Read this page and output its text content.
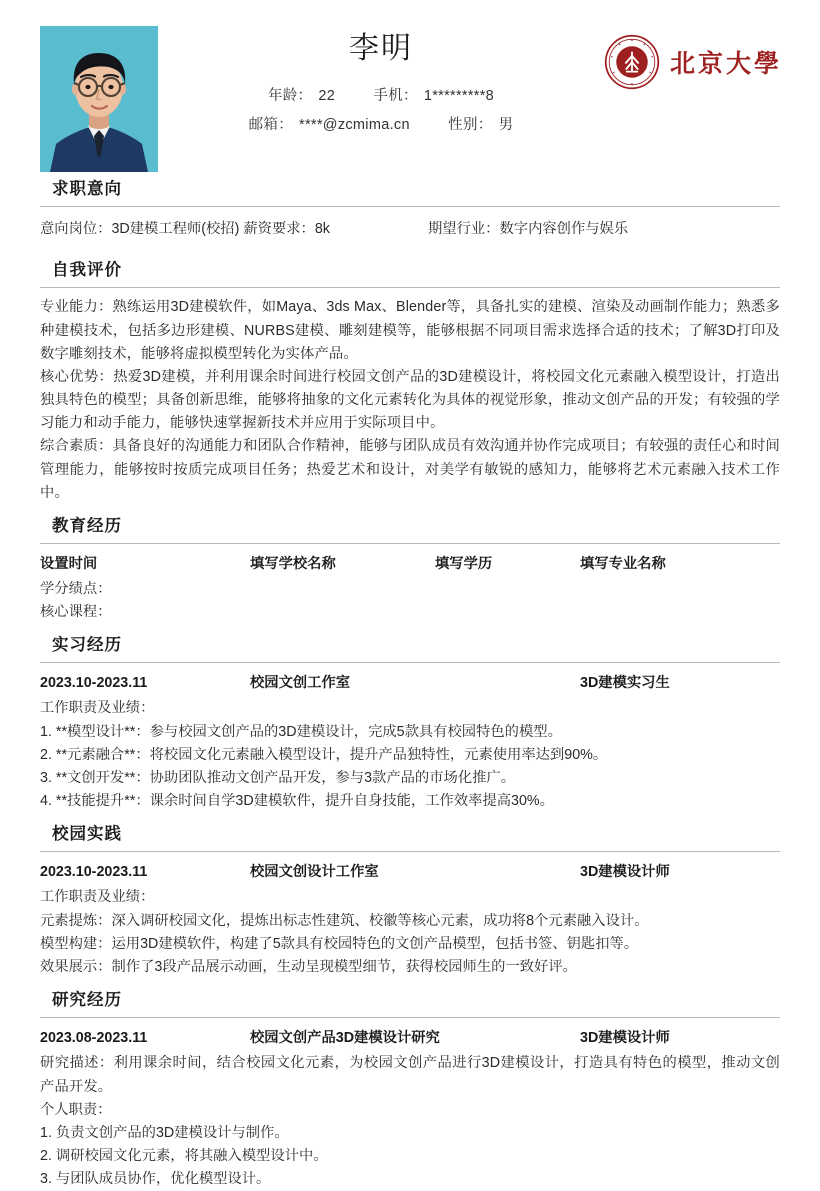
李明
年龄： 22	手机： 1*********8
邮箱： ****@zcmima.cn	性别： 男
北京大學
求职意向
意向岗位：3D建模工程师(校招) 薪资要求：8k	期望行业：数字内容创作与娱乐
自我评价

专业能力：熟练运用3D建模软件，如Maya、3ds Max、Blender等，具备扎实的建模、渲染及动画制作能力；熟悉多种建模技术，包括多边形建模、NURBS建模、雕刻建模等，能够根据不同项目需求选择合适的技术；了解3D打印及数字雕刻技术，能够将虚拟模型转化为实体产品。

核心优势：热爱3D建模，并利用课余时间进行校园文创产品的3D建模设计，将校园文化元素融入模型设计，打造出独具特色的模型；具备创新思维，能够将抽象的文化元素转化为具体的视觉形象，推动文创产品的开发；有较强的学习能力和动手能力，能够快速掌握新技术并应用于实际项目中。

综合素质：具备良好的沟通能力和团队合作精神，能够与团队成员有效沟通并协作完成项目；有较强的责任心和时间管理能力，能够按时按质完成项目任务；热爱艺术和设计，对美学有敏锐的感知力，能够将艺术元素融入技术工作中。

教育经历
设置时间	填写学校名称	填写学历	填写专业名称
学分绩点：
核心课程：
实习经历
2023.10-2023.11	校园文创工作室	3D建模实习生
工作职责及业绩：
1. **模型设计**：参与校园文创产品的3D建模设计，完成5款具有校园特色的模型。
2. **元素融合**：将校园文化元素融入模型设计，提升产品独特性，元素使用率达到90%。
3. **文创开发**：协助团队推动文创产品开发，参与3款产品的市场化推广。
4. **技能提升**：课余时间自学3D建模软件，提升自身技能，工作效率提高30%。
校园实践
2023.10-2023.11	校园文创设计工作室	3D建模设计师
工作职责及业绩：
元素提炼：深入调研校园文化，提炼出标志性建筑、校徽等核心元素，成功将8个元素融入设计。
模型构建：运用3D建模软件，构建了5款具有校园特色的文创产品模型，包括书签、钥匙扣等。
效果展示：制作了3段产品展示动画，生动呈现模型细节，获得校园师生的一致好评。
研究经历
2023.08-2023.11	校园文创产品3D建模设计研究	3D建模设计师
研究描述：利用课余时间，结合校园文化元素，为校园文创产品进行3D建模设计，打造具有特色的模型，推动文创产品开发。
个人职责：
1. 负责文创产品的3D建模设计与制作。
2. 调研校园文化元素，将其融入模型设计中。
3. 与团队成员协作，优化模型设计。
